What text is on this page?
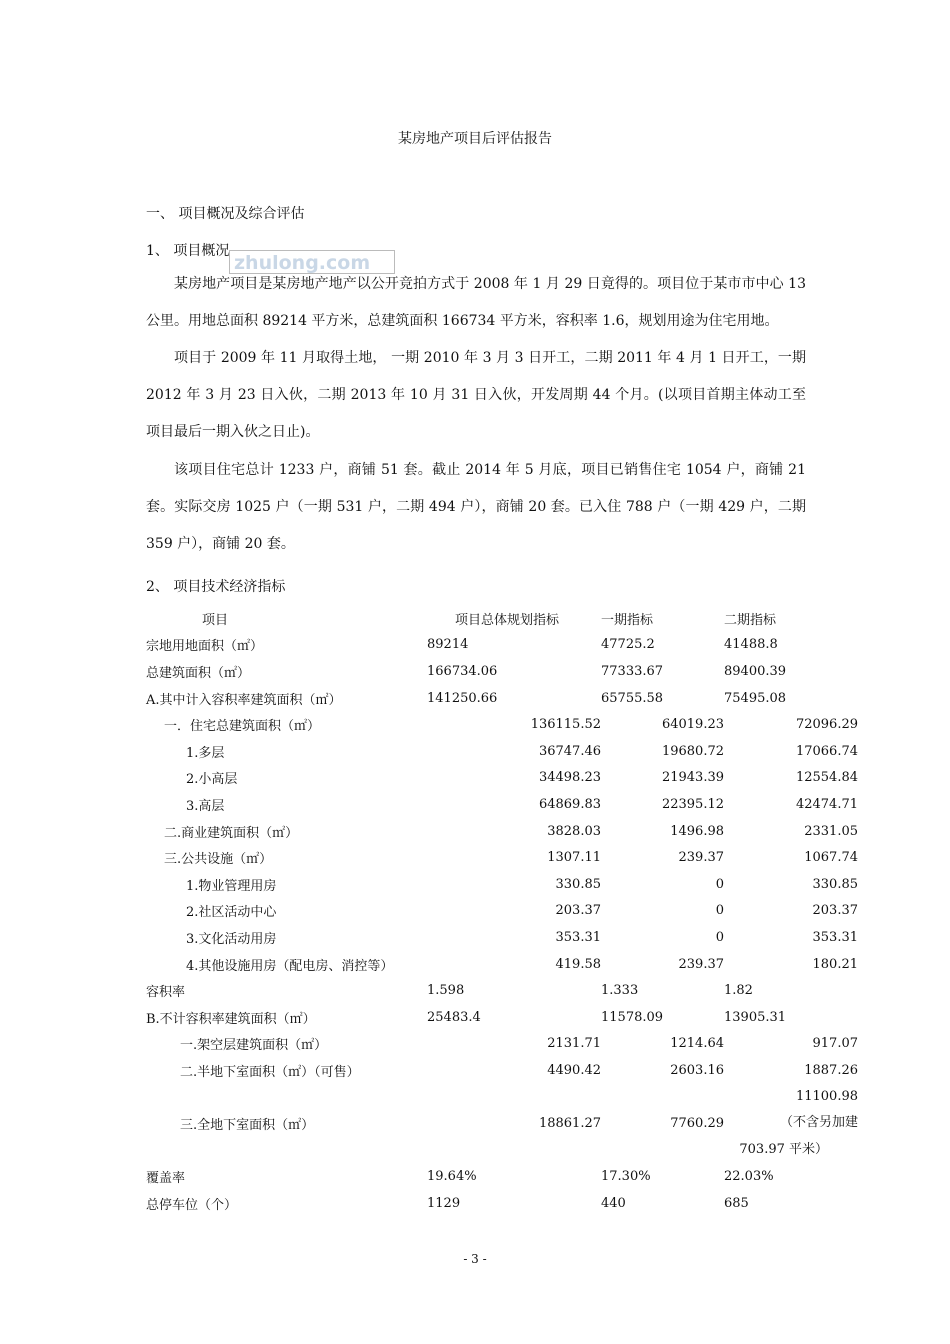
某房地产项目后评估报告
一、 项目概况及综合评估
1、 项目概况
zhulong.com

某房地产项目是某房地产地产以公开竞拍方式于 2008 年 1 月 29 日竟得的。项目位于某市市中心 13 公里。用地总面积 89214 平方米，总建筑面积 166734 平方米，容积率 1.6，规划用途为住宅用地。

项目于 2009 年 11 月取得土地， 一期 2010 年 3 月 3 日开工，二期 2011 年 4 月 1 日开工，一期 2012 年 3 月 23 日入伙，二期 2013 年 10 月 31 日入伙，开发周期 44 个月。(以项目首期主体动工至项目最后一期入伙之日止)。

该项目住宅总计 1233 户，商铺 51 套。截止 2014 年 5 月底，项目已销售住宅 1054 户，商铺 21 套。实际交房 1025 户（一期 531 户，二期 494 户），商铺 20 套。已入住 788 户（一期 429 户，二期 359 户），商铺 20 套。

2、 项目技术经济指标
项目	项目总体规划指标	一期指标	二期指标
宗地用地面积（㎡）	89214	47725.2	41488.8
总建筑面积（㎡）	166734.06	77333.67	89400.39
A.其中计入容积率建筑面积（㎡）	141250.66	65755.58	75495.08
一．住宅总建筑面积（㎡）	136115.52	64019.23	72096.29
1.多层	36747.46	19680.72	17066.74
2.小高层	34498.23	21943.39	12554.84
3.高层	64869.83	22395.12	42474.71
二.商业建筑面积（㎡）	3828.03	1496.98	2331.05
三.公共设施（㎡）	1307.11	239.37	1067.74
1.物业管理用房	330.85	0	330.85
2.社区活动中心	203.37	0	203.37
3.文化活动用房	353.31	0	353.31
4.其他设施用房（配电房、消控等）	419.58	239.37	180.21
容积率	1.598	1.333	1.82
B.不计容积率建筑面积（㎡）	25483.4	11578.09	13905.31
一.架空层建筑面积（㎡）	2131.71	1214.64	917.07
二.半地下室面积（㎡）（可售）	4490.42	2603.16	1887.26
三.全地下室面积（㎡）	18861.27	7760.29	11100.98
（不含另加建
703.97 平米）

覆盖率	19.64%	17.30%	22.03%
总停车位（个）	1129	440	685
- 3 -
